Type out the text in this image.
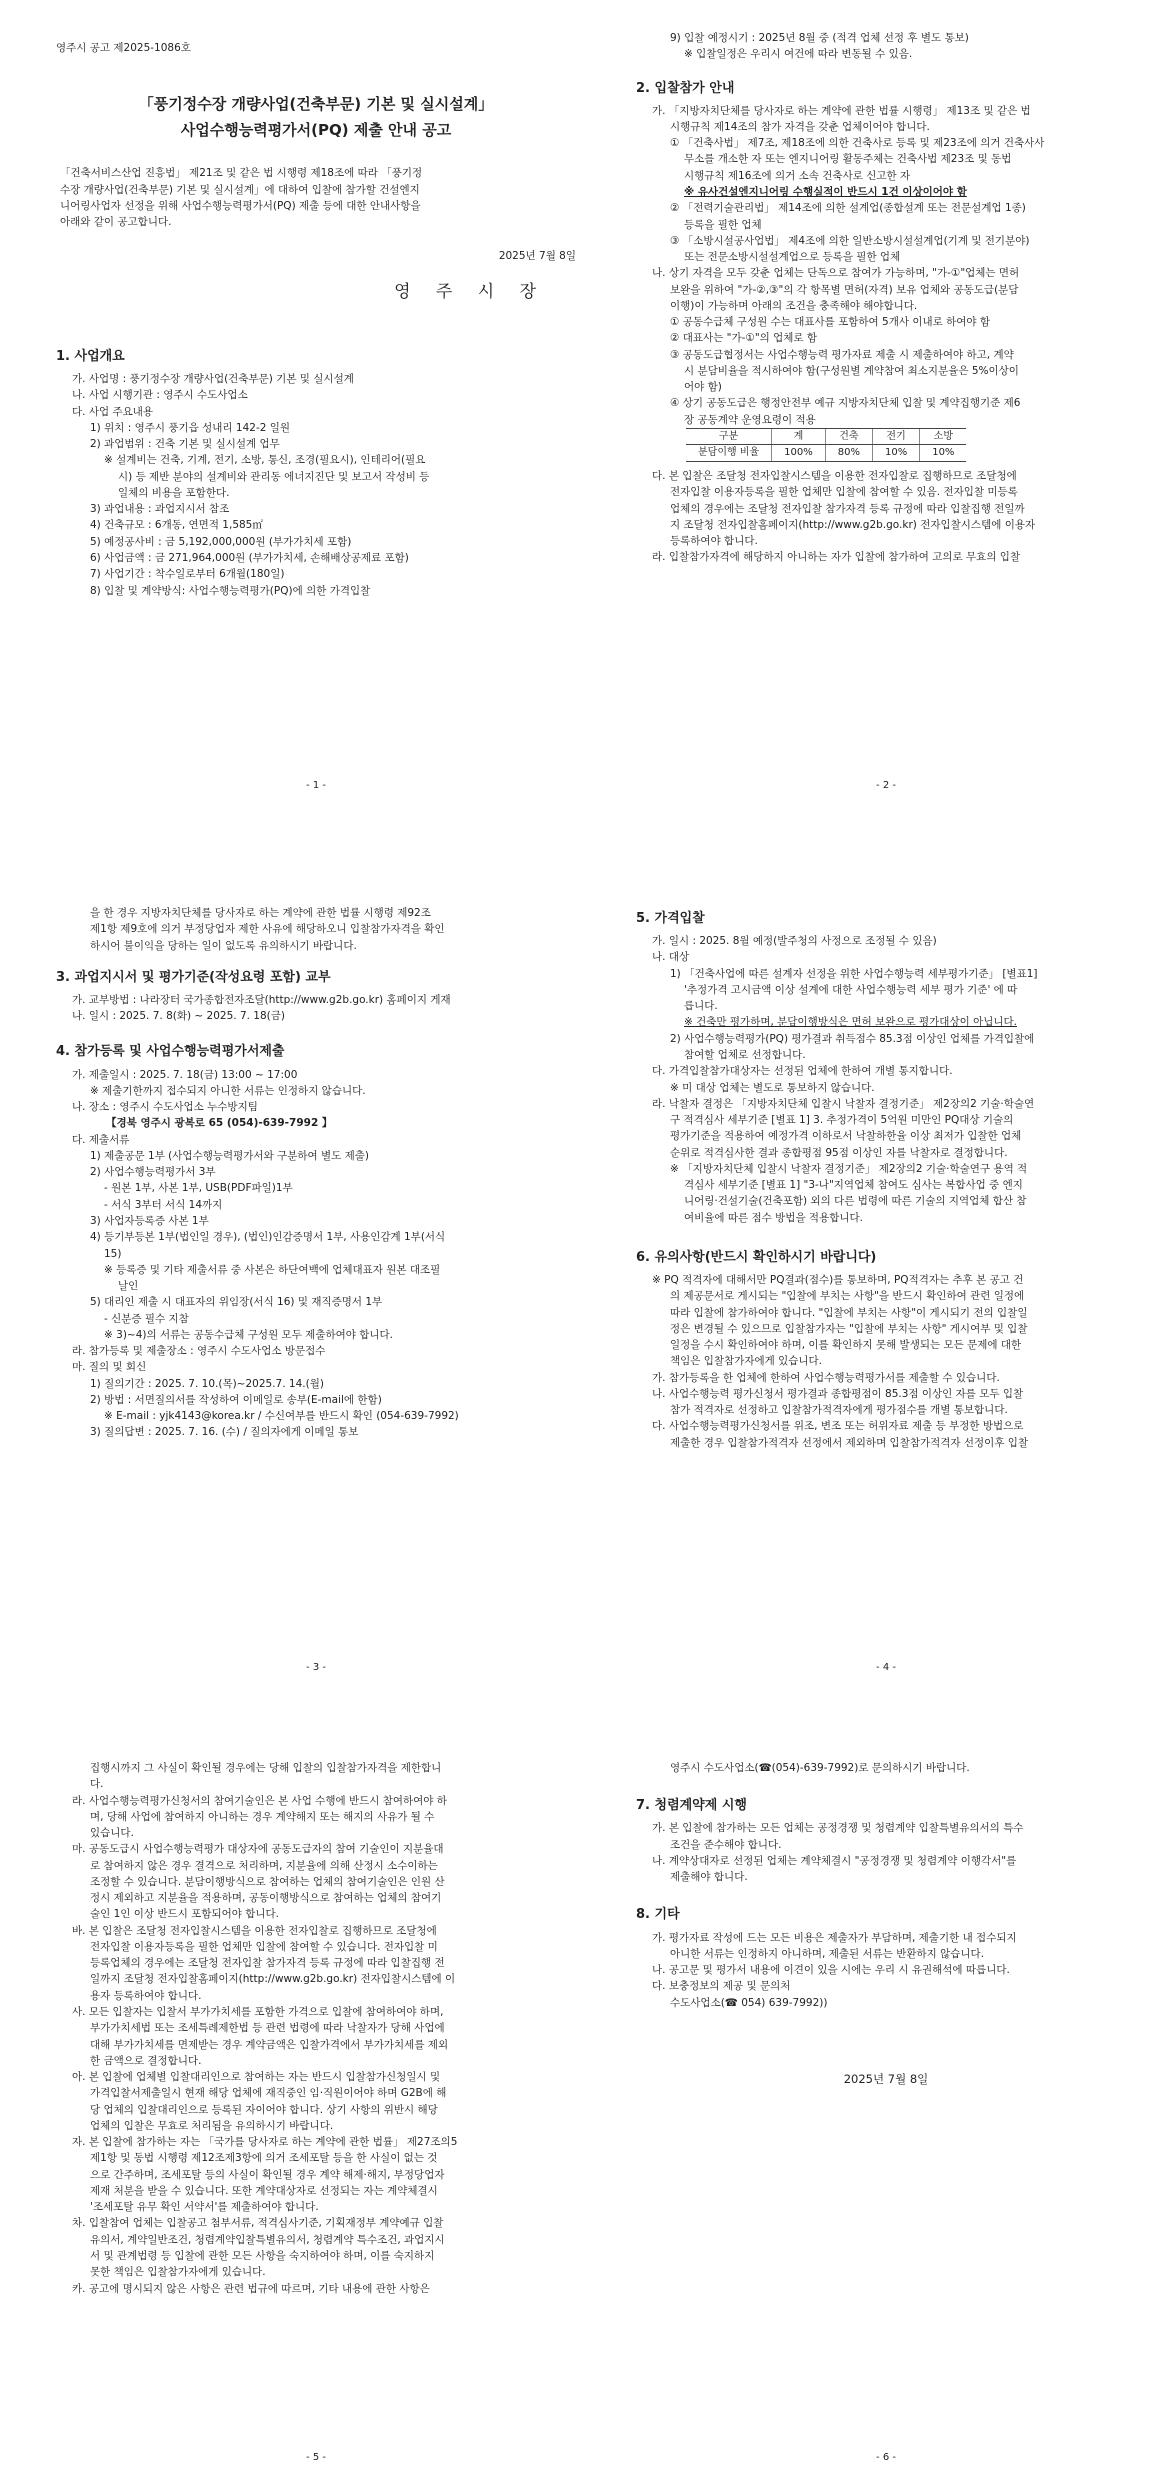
영주시 공고 제2025-1086호
「풍기정수장 개량사업(건축부문) 기본 및 실시설계」
사업수행능력평가서(PQ) 제출 안내 공고
「건축서비스산업 진흥법」 제21조 및 같은 법 시행령 제18조에 따라 「풍기정
수장 개량사업(건축부문) 기본 및 실시설계」에 대하여 입찰에 참가할 건설엔지
니어링사업자 선정을 위해 사업수행능력평가서(PQ) 제출 등에 대한 안내사항을
아래와 같이 공고합니다.
2025년 7월 8일
영 주 시 장
1. 사업개요
가. 사업명 : 풍기정수장 개량사업(건축부문) 기본 및 실시설계
나. 사업 시행기관 : 영주시 수도사업소
다. 사업 주요내용
1) 위치 : 영주시 풍기읍 성내리 142-2 일원
2) 과업범위 : 건축 기본 및 실시설계 업무
※ 설계비는 건축, 기계, 전기, 소방, 통신, 조경(필요시), 인테리어(필요
시) 등 제반 분야의 설계비와 관리동 에너지진단 및 보고서 작성비 등
일체의 비용을 포함한다.
3) 과업내용 : 과업지시서 참조
4) 건축규모 : 6개동, 연면적 1,585㎡
5) 예정공사비 : 금 5,192,000,000원 (부가가치세 포함)
6) 사업금액 : 금 271,964,000원 (부가가치세, 손해배상공제료 포함)
7) 사업기간 : 착수일로부터 6개월(180일)
8) 입찰 및 계약방식: 사업수행능력평가(PQ)에 의한 가격입찰
- 1 -
9) 입찰 예정시기 : 2025년 8월 중 (적격 업체 선정 후 별도 통보)
※ 입찰일정은 우리시 여건에 따라 변동될 수 있음.
2. 입찰참가 안내
가. 「지방자치단체를 당사자로 하는 계약에 관한 법률 시행령」 제13조 및 같은 법
시행규칙 제14조의 참가 자격을 갖춘 업체이어야 합니다.
① 「건축사법」 제7조, 제18조에 의한 건축사로 등록 및 제23조에 의거 건축사사
무소를 개소한 자 또는 엔지니어링 활동주체는 건축사법 제23조 및 동법
시행규칙 제16조에 의거 소속 건축사로 신고한 자
※ 유사건설엔지니어링 수행실적이 반드시 1건 이상이어야 함
② 「전력기술관리법」 제14조에 의한 설계업(종합설계 또는 전문설계업 1종)
등록을 필한 업체
③ 「소방시설공사업법」 제4조에 의한 일반소방시설설계업(기계 및 전기분야)
또는 전문소방시설설계업으로 등록을 필한 업체
나. 상기 자격을 모두 갖춘 업체는 단독으로 참여가 가능하며, "가-①"업체는 면허
보완을 위하여 "가-②,③"의 각 항목별 면허(자격) 보유 업체와 공동도급(분담
이행)이 가능하며 아래의 조건을 충족해야 해야합니다.
① 공동수급체 구성원 수는 대표사를 포함하여 5개사 이내로 하여야 함
② 대표사는 "가-①"의 업체로 함
③ 공동도급협정서는 사업수행능력 평가자료 제출 시 제출하여야 하고, 계약
시 분담비율을 적시하여야 함(구성원별 계약참여 최소지분율은 5%이상이
어야 함)
④ 상기 공동도급은 행정안전부 예규 지방자치단체 입찰 및 계약집행기준 제6
장 공동계약 운영요령이 적용
구분	계	건축	전기	소방
분담이행 비율	100%	80%	10%	10%
다. 본 입찰은 조달청 전자입찰시스템을 이용한 전자입찰로 집행하므로 조달청에
전자입찰 이용자등록을 필한 업체만 입찰에 참여할 수 있음. 전자입찰 미등록
업체의 경우에는 조달청 전자입찰 참가자격 등록 규정에 따라 입찰집행 전일까
지 조달청 전자입찰홈페이지(http://www.g2b.go.kr) 전자입찰시스템에 이용자
등록하여야 합니다.
라. 입찰참가자격에 해당하지 아니하는 자가 입찰에 참가하여 고의로 무효의 입찰
- 2 -
을 한 경우 지방자치단체를 당사자로 하는 계약에 관한 법률 시행령 제92조
제1항 제9호에 의거 부정당업자 제한 사유에 해당하오니 입찰참가자격을 확인
하시어 불이익을 당하는 일이 없도록 유의하시기 바랍니다.
3. 과업지시서 및 평가기준(작성요령 포함) 교부
가. 교부방법 : 나라장터 국가종합전자조달(http://www.g2b.go.kr) 홈페이지 게재
나. 일시 : 2025. 7. 8(화) ~ 2025. 7. 18(금)
4. 참가등록 및 사업수행능력평가서제출
가. 제출일시 : 2025. 7. 18(금) 13:00 ~ 17:00
※ 제출기한까지 접수되지 아니한 서류는 인정하지 않습니다.
나. 장소 : 영주시 수도사업소 누수방지팀
【경북 영주시 광복로 65 (054)-639-7992 】
다. 제출서류
1) 제출공문 1부 (사업수행능력평가서와 구분하여 별도 제출)
2) 사업수행능력평가서 3부
- 원본 1부, 사본 1부, USB(PDF파일)1부
- 서식 3부터 서식 14까지
3) 사업자등록증 사본 1부
4) 등기부등본 1부(법인일 경우), (법인)인감증명서 1부, 사용인감계 1부(서식
15)
※ 등록증 및 기타 제출서류 중 사본은 하단여백에 업체대표자 원본 대조필
날인
5) 대리인 제출 시 대표자의 위임장(서식 16) 및 재직증명서 1부
- 신분증 필수 지참
※ 3)~4)의 서류는 공동수급체 구성원 모두 제출하여야 합니다.
라. 참가등록 및 제출장소 : 영주시 수도사업소 방문접수
마. 질의 및 회신
1) 질의기간 : 2025. 7. 10.(목)~2025.7. 14.(월)
2) 방법 : 서면질의서를 작성하여 이메일로 송부(E-mail에 한함)
※ E-mail : yjk4143@korea.kr / 수신여부를 반드시 확인 (054-639-7992)
3) 질의답변 : 2025. 7. 16. (수) / 질의자에게 이메일 통보
- 3 -
5. 가격입찰
가. 일시 : 2025. 8월 예정(발주청의 사정으로 조정될 수 있음)
나. 대상
1) 「건축사업에 따른 설계자 선정을 위한 사업수행능력 세부평가기준」 [별표1]
'추정가격 고시금액 이상 설계에 대한 사업수행능력 세부 평가 기준' 에 따
릅니다.
※ 건축만 평가하며, 분담이행방식은 면허 보완으로 평가대상이 아닙니다.
2) 사업수행능력평가(PQ) 평가결과 취득점수 85.3점 이상인 업체를 가격입찰에
참여할 업체로 선정합니다.
다. 가격입찰참가대상자는 선정된 업체에 한하여 개별 통지합니다.
※ 미 대상 업체는 별도로 통보하지 않습니다.
라. 낙찰자 결정은 「지방자치단체 입찰시 낙찰자 결정기준」 제2장의2 기술·학술연
구 적격심사 세부기준 [별표 1] 3. 추정가격이 5억원 미만인 PQ대상 기술의
평가기준을 적용하여 예정가격 이하로서 낙찰하한율 이상 최저가 입찰한 업체
순위로 적격심사한 결과 종합평점 95점 이상인 자를 낙찰자로 결정합니다.
※ 「지방자치단체 입찰시 낙찰자 결정기준」 제2장의2 기술·학술연구 용역 적
격심사 세부기준 [별표 1] "3-나"지역업체 참여도 심사는 복합사업 중 엔지
니어링·건설기술(건축포함) 외의 다른 법령에 따른 기술의 지역업체 합산 참
여비율에 따른 점수 방법을 적용합니다.
6. 유의사항(반드시 확인하시기 바랍니다)
※ PQ 적격자에 대해서만 PQ결과(점수)를 통보하며, PQ적격자는 추후 본 공고 건
의 제공문서로 게시되는 "입찰에 부치는 사항"을 반드시 확인하여 관련 일정에
따라 입찰에 참가하여야 합니다. "입찰에 부치는 사항"이 게시되기 전의 입찰일
정은 변경될 수 있으므로 입찰참가자는 "입찰에 부치는 사항" 게시여부 및 입찰
일정을 수시 확인하여야 하며, 이를 확인하지 못해 발생되는 모든 문제에 대한
책임은 입찰참가자에게 있습니다.
가. 참가등록을 한 업체에 한하여 사업수행능력평가서를 제출할 수 있습니다.
나. 사업수행능력 평가신청서 평가결과 종합평점이 85.3점 이상인 자를 모두 입찰
참가 적격자로 선정하고 입찰참가적격자에게 평가점수를 개별 통보합니다.
다. 사업수행능력평가신청서를 위조, 변조 또는 허위자료 제출 등 부정한 방법으로
제출한 경우 입찰참가적격자 선정에서 제외하며 입찰참가적격자 선정이후 입찰
- 4 -
집행시까지 그 사실이 확인될 경우에는 당해 입찰의 입찰참가자격을 제한합니
다.
라. 사업수행능력평가신청서의 참여기술인은 본 사업 수행에 반드시 참여하여야 하
며, 당해 사업에 참여하지 아니하는 경우 계약해지 또는 해지의 사유가 될 수
있습니다.
마. 공동도급시 사업수행능력평가 대상자에 공동도급자의 참여 기술인이 지분율대
로 참여하지 않은 경우 결격으로 처리하며, 지분율에 의해 산정시 소수이하는
조정할 수 있습니다. 분담이행방식으로 참여하는 업체의 참여기술인은 인원 산
정시 제외하고 지분율을 적용하며, 공동이행방식으로 참여하는 업체의 참여기
술인 1인 이상 반드시 포함되어야 합니다.
바. 본 입찰은 조달청 전자입찰시스템을 이용한 전자입찰로 집행하므로 조달청에
전자입찰 이용자등록을 필한 업체만 입찰에 참여할 수 있습니다. 전자입찰 미
등록업체의 경우에는 조달청 전자입찰 참가자격 등록 규정에 따라 입찰집행 전
일까지 조달청 전자입찰홈페이지(http://www.g2b.go.kr) 전자입찰시스템에 이
용자 등록하여야 합니다.
사. 모든 입찰자는 입찰서 부가가치세를 포함한 가격으로 입찰에 참여하여야 하며,
부가가치세법 또는 조세특례제한법 등 관련 법령에 따라 낙찰자가 당해 사업에
대해 부가가치세를 면제받는 경우 계약금액은 입찰가격에서 부가가치세를 제외
한 금액으로 결정합니다.
아. 본 입찰에 업체별 입찰대리인으로 참여하는 자는 반드시 입찰참가신청일시 및
가격입찰서제출일시 현재 해당 업체에 재직중인 임·직원이어야 하며 G2B에 해
당 업체의 입찰대리인으로 등록된 자이어야 합니다. 상기 사항의 위반시 해당
업체의 입찰은 무효로 처리됨을 유의하시기 바랍니다.
자. 본 입찰에 참가하는 자는 「국가를 당사자로 하는 계약에 관한 법률」 제27조의5
제1항 및 동법 시행령 제12조제3항에 의거 조세포탈 등을 한 사실이 없는 것
으로 간주하며, 조세포탈 등의 사실이 확인될 경우 계약 해제·해지, 부정당업자
제재 처분을 받을 수 있습니다. 또한 계약대상자로 선정되는 자는 계약체결시
'조세포탈 유무 확인 서약서'를 제출하여야 합니다.
차. 입찰참여 업체는 입찰공고 첨부서류, 적격심사기준, 기획재정부 계약예규 입찰
유의서, 계약일반조건, 청렴계약입찰특별유의서, 청렴계약 특수조건, 과업지시
서 및 관계법령 등 입찰에 관한 모든 사항을 숙지하여야 하며, 이를 숙지하지
못한 책임은 입찰참가자에게 있습니다.
카. 공고에 명시되지 않은 사항은 관련 법규에 따르며, 기타 내용에 관한 사항은
- 5 -
영주시 수도사업소(☎(054)-639-7992)로 문의하시기 바랍니다.
7. 청렴계약제 시행
가. 본 입찰에 참가하는 모든 업체는 공정경쟁 및 청렴계약 입찰특별유의서의 특수
조건을 준수해야 합니다.
나. 계약상대자로 선정된 업체는 계약체결시 "공정경쟁 및 청렴계약 이행각서"를
제출해야 합니다.
8. 기타
가. 평가자료 작성에 드는 모든 비용은 제출자가 부담하며, 제출기한 내 접수되지
아니한 서류는 인정하지 아니하며, 제출된 서류는 반환하지 않습니다.
나. 공고문 및 평가서 내용에 이견이 있을 시에는 우리 시 유권해석에 따릅니다.
다. 보충정보의 제공 및 문의처
수도사업소(☎ 054) 639-7992))
2025년 7월 8일
- 6 -
